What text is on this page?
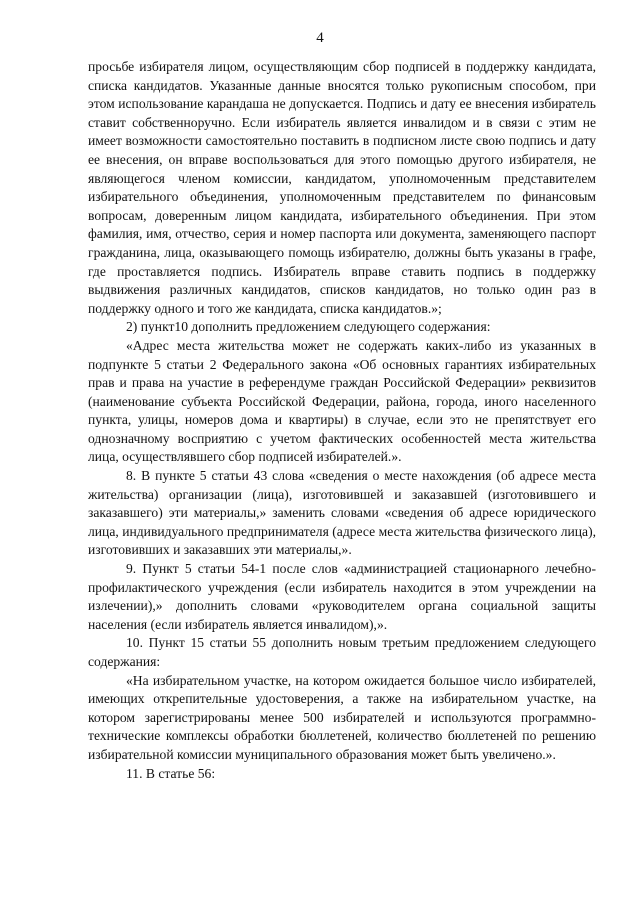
4

просьбе избирателя лицом, осуществляющим сбор подписей в поддержку кандидата, списка кандидатов. Указанные данные вносятся только рукописным способом, при этом использование карандаша не допускается. Подпись и дату ее внесения избиратель ставит собственноручно. Если избиратель является инвалидом и в связи с этим не имеет возможности самостоятельно поставить в подписном листе свою подпись и дату ее внесения, он вправе воспользоваться для этого помощью другого избирателя, не являющегося членом комиссии, кандидатом, уполномоченным представителем избирательного объединения, уполномоченным представителем по финансовым вопросам, доверенным лицом кандидата, избирательного объединения. При этом фамилия, имя, отчество, серия и номер паспорта или документа, заменяющего паспорт гражданина, лица, оказывающего помощь избирателю, должны быть указаны в графе, где проставляется подпись. Избиратель вправе ставить подпись в поддержку выдвижения различных кандидатов, списков кандидатов, но только один раз в поддержку одного и того же кандидата, списка кандидатов.»;

2) пункт10 дополнить предложением следующего содержания:

«Адрес места жительства может не содержать каких-либо из указанных в подпункте 5 статьи 2 Федерального закона «Об основных гарантиях избирательных прав и права на участие в референдуме граждан Российской Федерации» реквизитов (наименование субъекта Российской Федерации, района, города, иного населенного пункта, улицы, номеров дома и квартиры) в случае, если это не препятствует его однозначному восприятию с учетом фактических особенностей места жительства лица, осуществлявшего сбор подписей избирателей.».

8. В пункте 5 статьи 43 слова «сведения о месте нахождения (об адресе места жительства) организации (лица), изготовившей и заказавшей (изготовившего и заказавшего) эти материалы,» заменить словами «сведения об адресе юридического лица, индивидуального предпринимателя (адресе места жительства физического лица), изготовивших и заказавших эти материалы,».

9. Пункт 5 статьи 54-1 после слов «администрацией стационарного лечебно-профилактического учреждения (если избиратель находится в этом учреждении на излечении),» дополнить словами «руководителем органа социальной защиты населения (если избиратель является инвалидом),».

10. Пункт 15 статьи 55 дополнить новым третьим предложением следующего содержания:

«На избирательном участке, на котором ожидается большое число избирателей, имеющих открепительные удостоверения, а также на избирательном участке, на котором зарегистрированы менее 500 избирателей и используются программно-технические комплексы обработки бюллетеней, количество бюллетеней по решению избирательной комиссии муниципального образования может быть увеличено.».

11. В статье 56:
